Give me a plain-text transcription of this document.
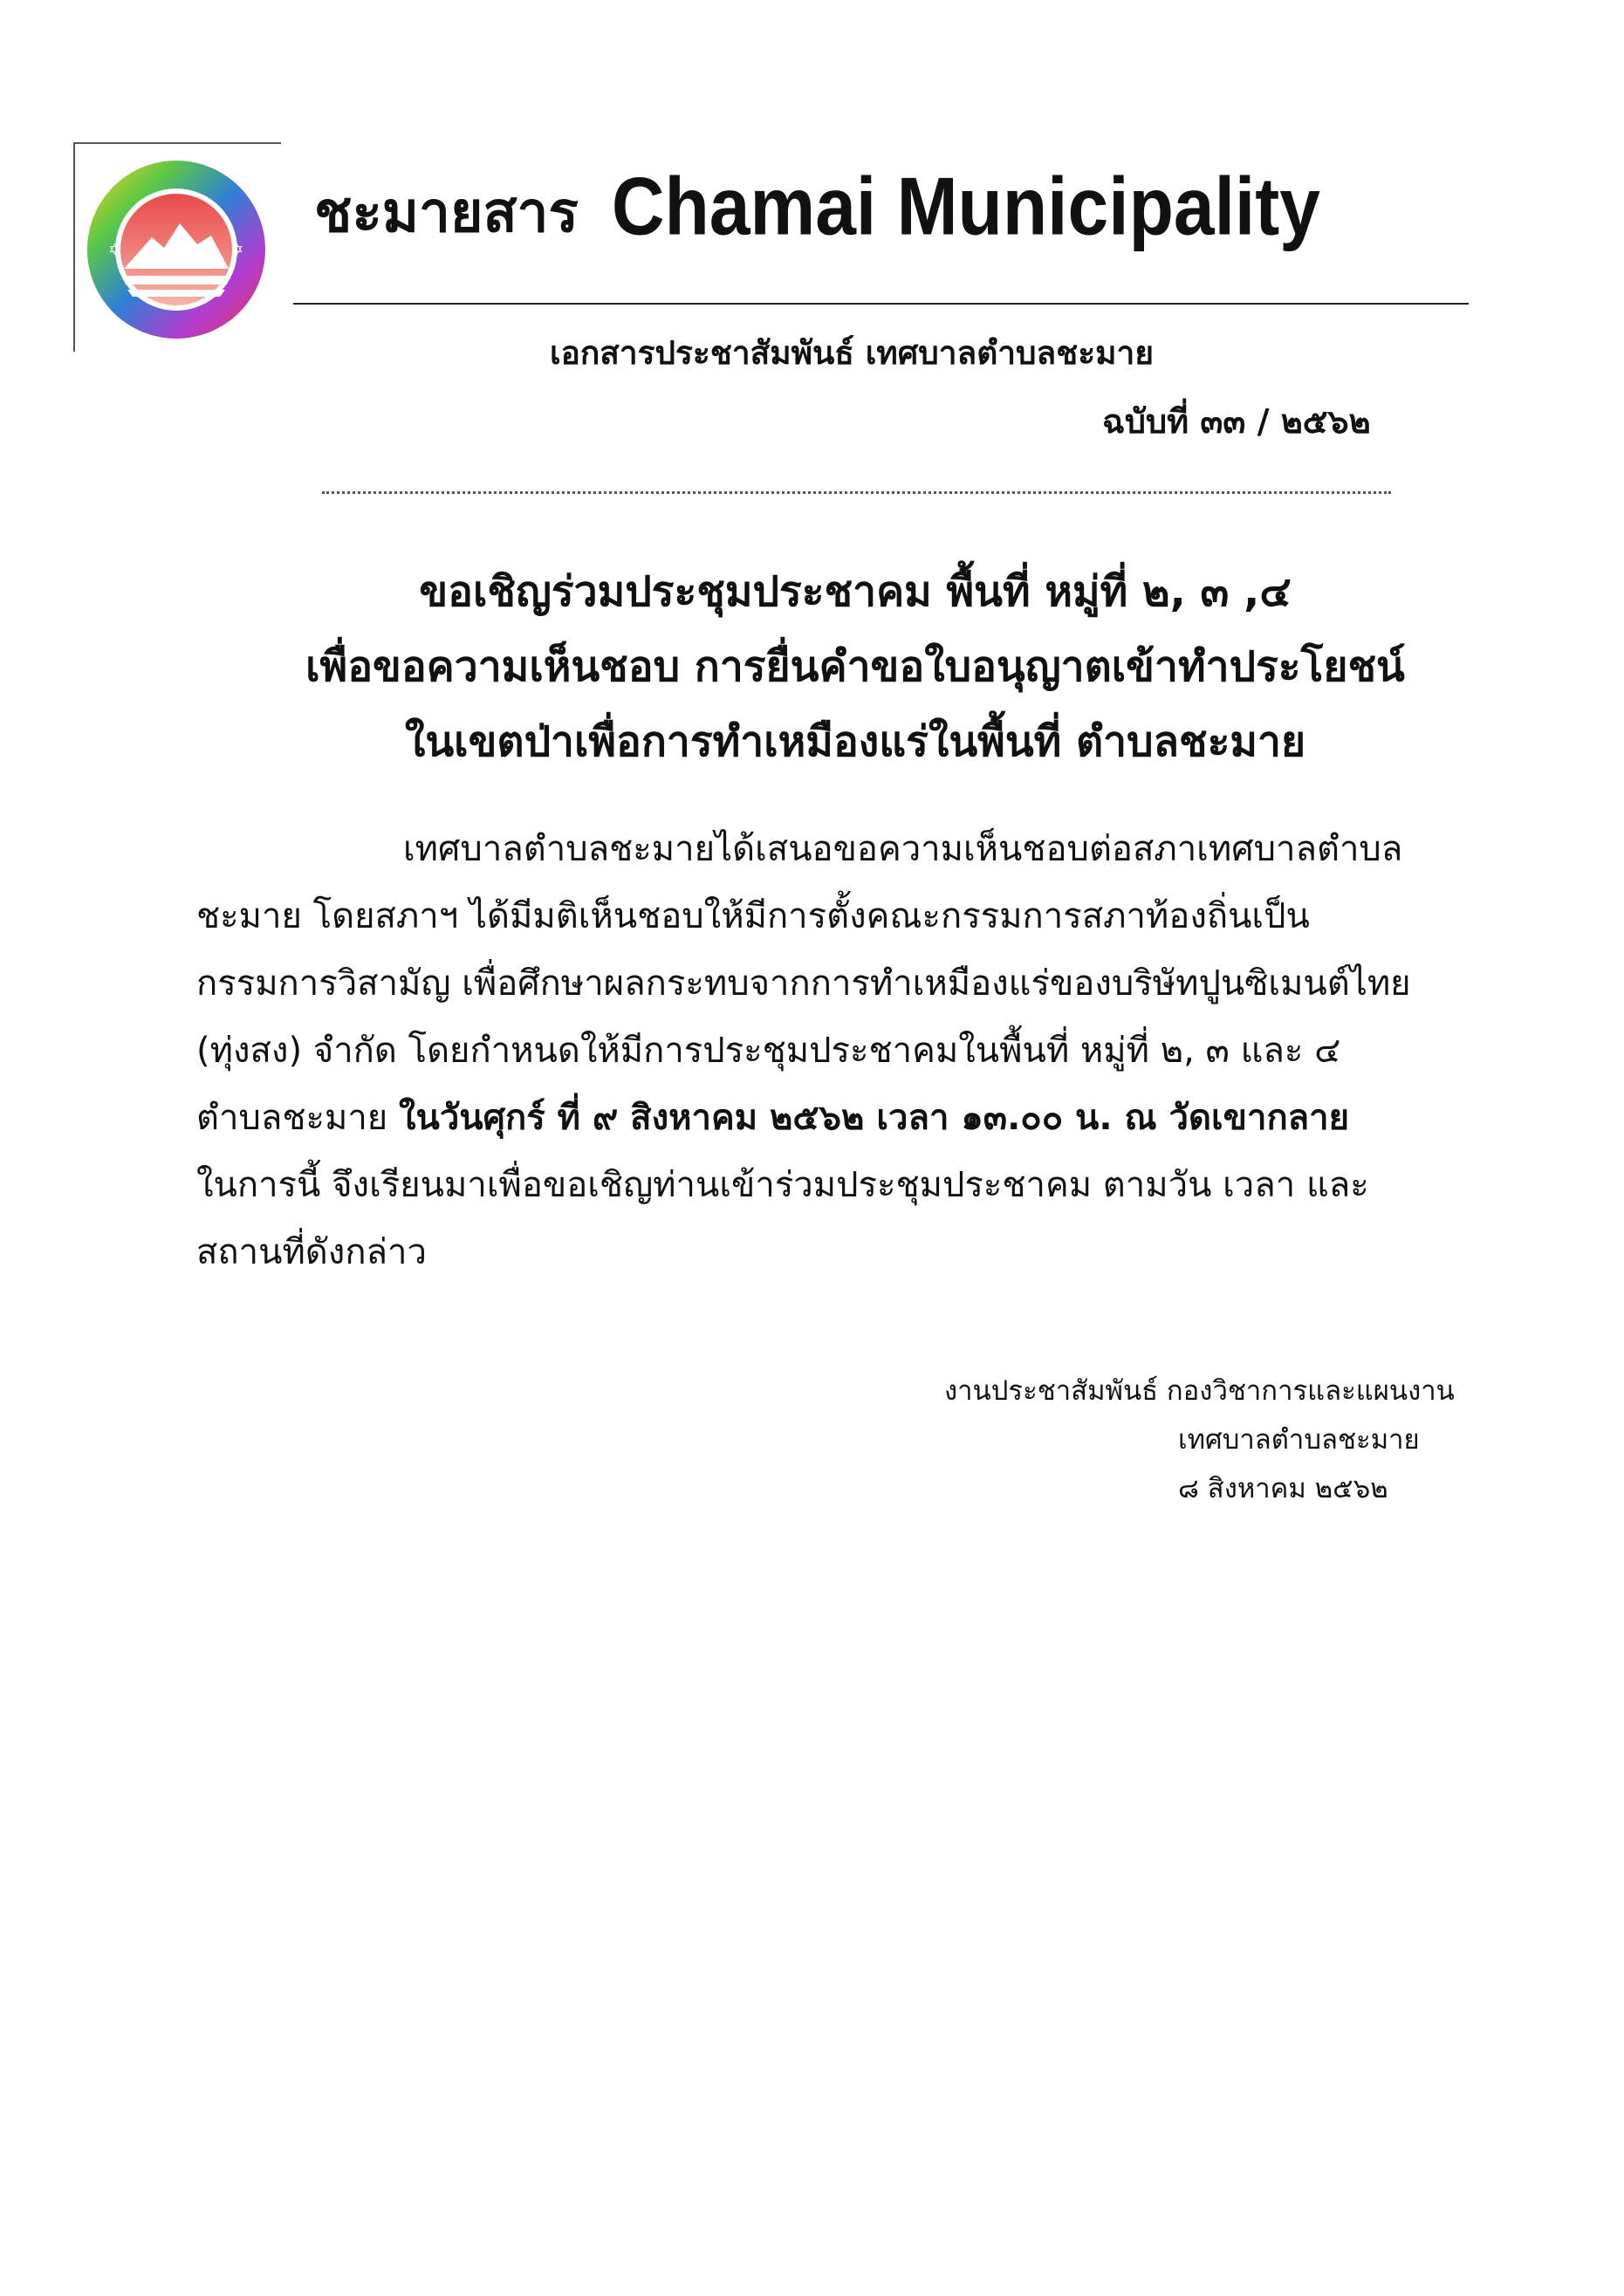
✡	✡
ชะมายสาร Chamai Municipality
เอกสารประชาสัมพันธ์ เทศบาลตำบลชะมาย
ฉบับที่ ๓๓ / ๒๕๖๒
ขอเชิญร่วมประชุมประชาคม พื้นที่ หมู่ที่ ๒, ๓ ,๔
เพื่อขอความเห็นชอบ การยื่นคำขอใบอนุญาตเข้าทำประโยชน์
ในเขตป่าเพื่อการทำเหมืองแร่ในพื้นที่ ตำบลชะมาย
เทศบาลตำบลชะมายได้เสนอขอความเห็นชอบต่อสภาเทศบาลตำบล
ชะมาย โดยสภาฯ ได้มีมติเห็นชอบให้มีการตั้งคณะกรรมการสภาท้องถิ่นเป็น
กรรมการวิสามัญ เพื่อศึกษาผลกระทบจากการทำเหมืองแร่ของบริษัทปูนซิเมนต์ไทย
(ทุ่งสง) จำกัด โดยกำหนดให้มีการประชุมประชาคมในพื้นที่ หมู่ที่ ๒, ๓ และ ๔
ตำบลชะมาย ในวันศุกร์ ที่ ๙ สิงหาคม ๒๕๖๒ เวลา ๑๓.๐๐ น. ณ วัดเขากลาย
ในการนี้ จึงเรียนมาเพื่อขอเชิญท่านเข้าร่วมประชุมประชาคม ตามวัน เวลา และ
สถานที่ดังกล่าว
งานประชาสัมพันธ์ กองวิชาการและแผนงาน
เทศบาลตำบลชะมาย
๘ สิงหาคม ๒๕๖๒
